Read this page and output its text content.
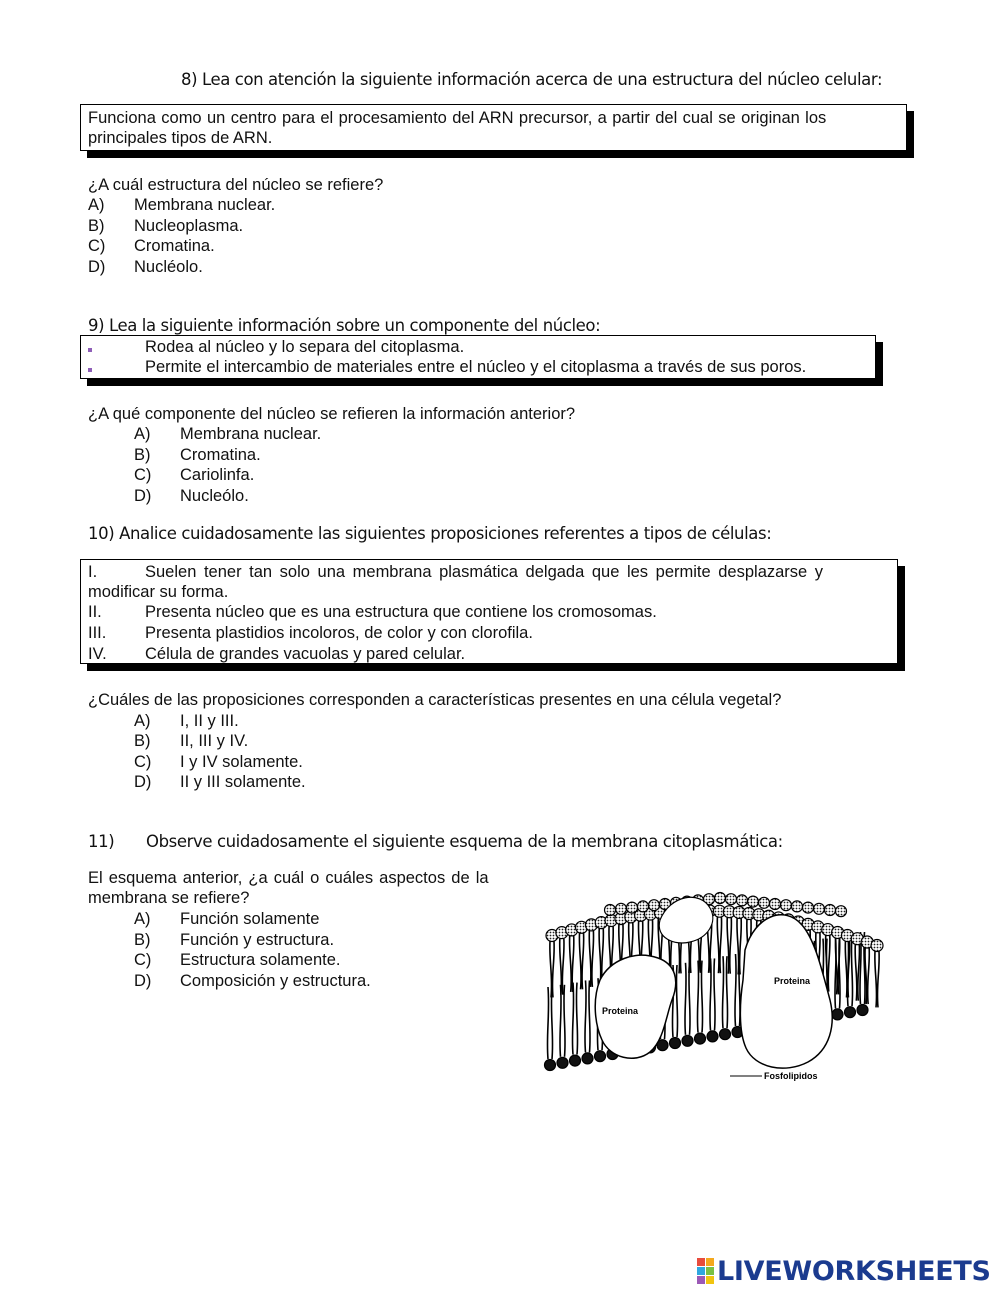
8) Lea con atención la siguiente información acerca de una estructura del núcleo celular:
Funciona como un centro para el procesamiento del ARN precursor, a partir del cual se originan los
principales tipos de ARN.
¿A cuál estructura del núcleo se refiere?
A) Membrana nuclear.
B) Nucleoplasma.
C) Cromatina.
D) Nucléolo.
9) Lea la siguiente información sobre un componente del núcleo:
Rodea al núcleo y lo separa del citoplasma.
Permite el intercambio de materiales entre el núcleo y el citoplasma a través de sus poros.
¿A qué componente del núcleo se refieren la información anterior?
A) Membrana nuclear.
B) Cromatina.
C) Cariolinfa.
D) Nucleólo.
10) Analice cuidadosamente las siguientes proposiciones referentes a tipos de células:
I.	Suelen tener tan solo una membrana plasmática delgada que les permite desplazarse y
modificar su forma.
II.	Presenta núcleo que es una estructura que contiene los cromosomas.
III. Presenta plastidios incoloros, de color y con clorofila.
IV. Célula de grandes vacuolas y pared celular.
¿Cuáles de las proposiciones corresponden a características presentes en una célula vegetal?
A) I, II y III.
B) II, III y IV.
C) I y IV solamente.
D) II y III solamente.
11) Observe cuidadosamente el siguiente esquema de la membrana citoplasmática:
El esquema anterior, ¿a cuál o cuáles aspectos de la
membrana se refiere?
A) Función solamente
B) Función y estructura.
C) Estructura solamente.
D) Composición y estructura.
Proteina
Proteina
Fosfolipidos
LIVEWORKSHEETS
